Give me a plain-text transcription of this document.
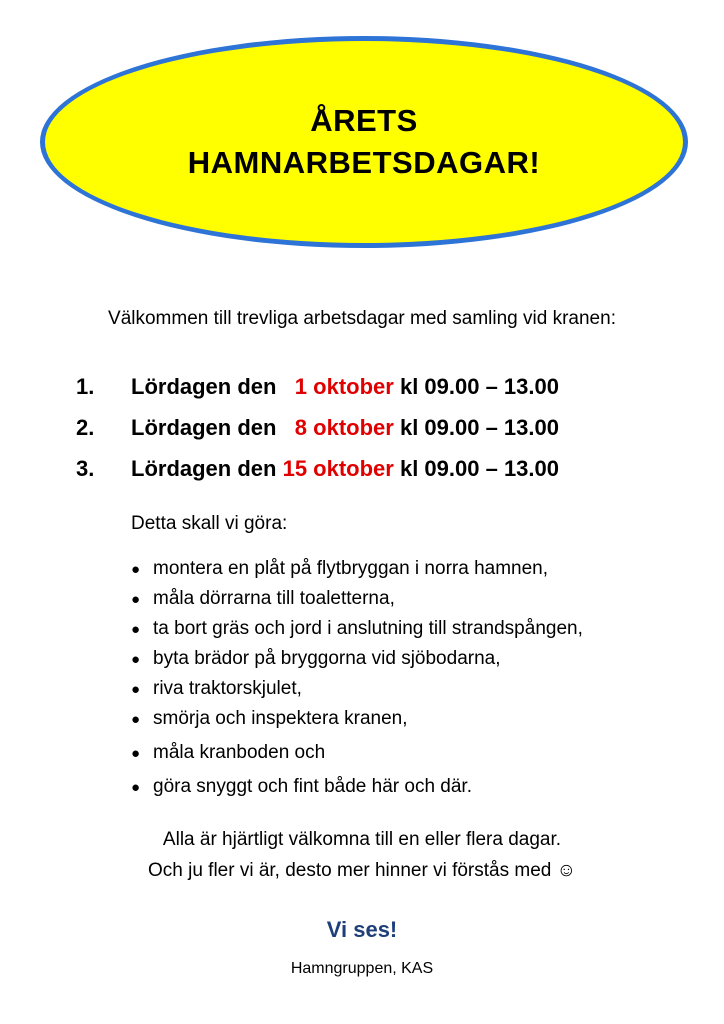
ÅRETS
HAMNARBETSDAGAR!
Välkommen till trevliga arbetsdagar med samling vid kranen:
1. Lördagen den 1 oktober kl 09.00 – 13.00
2. Lördagen den 8 oktober kl 09.00 – 13.00
3. Lördagen den 15 oktober kl 09.00 – 13.00
Detta skall vi göra:
● montera en plåt på flytbryggan i norra hamnen,
● måla dörrarna till toaletterna,
● ta bort gräs och jord i anslutning till strandspången,
● byta brädor på bryggorna vid sjöbodarna,
● riva traktorskjulet,
● smörja och inspektera kranen,
● måla kranboden och
● göra snyggt och fint både här och där.
Alla är hjärtligt välkomna till en eller flera dagar.
Och ju fler vi är, desto mer hinner vi förstås med ☺
Vi ses!
Hamngruppen, KAS
